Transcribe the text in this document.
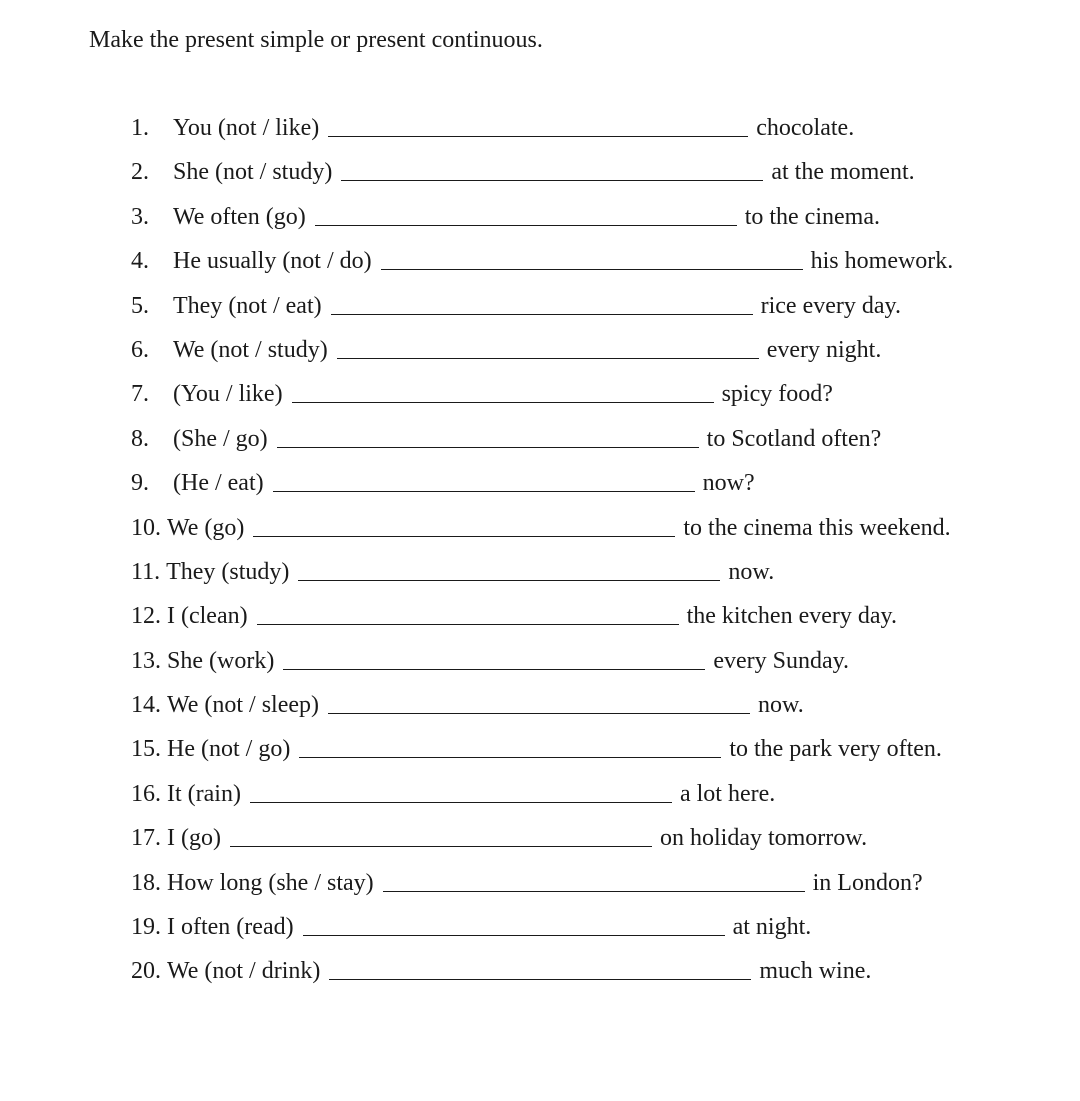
Make the present simple or present continuous.
1.	You (not / like)	chocolate.
2.	She (not / study)	at the moment.
3.	We often (go)	to the cinema.
4.	He usually (not / do)	his homework.
5.	They (not / eat)	rice every day.
6.	We (not / study)	every night.
7.	(You / like)	spicy food?
8.	(She / go)	to Scotland often?
9.	(He / eat)	now?
10. We (go)	to the cinema this weekend.
11. They (study)	now.
12. I (clean)	the kitchen every day.
13. She (work)	every Sunday.
14. We (not / sleep)	now.
15. He (not / go)	to the park very often.
16. It (rain)	a lot here.
17. I (go)	on holiday tomorrow.
18. How long (she / stay)	in London?
19. I often (read)	at night.
20. We (not / drink)	much wine.
